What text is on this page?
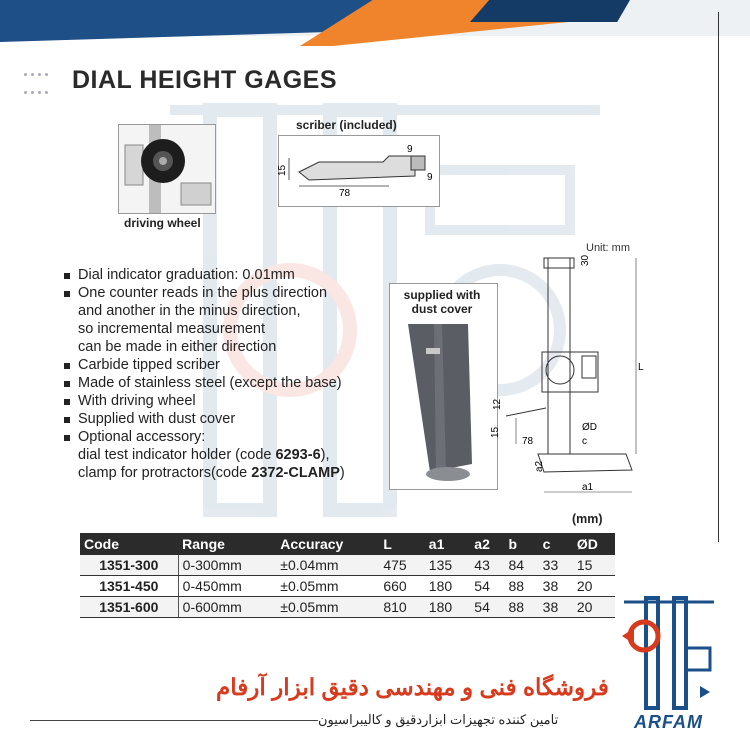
DIAL HEIGHT GAGES
driving wheel
scriber (included)
78
15
9
9
Dial indicator graduation: 0.01mm
One counter reads in the plus direction
and another in the minus direction,
so incremental measurement
can be made in either direction
Carbide tipped scriber
Made of stainless steel (except the base)
With driving wheel
Supplied with dust cover
Optional accessory:
dial test indicator holder (code 6293-6),
clamp for protractors(code 2372-CLAMP)
supplied with
dust cover
Unit: mm
30
L
12
15
78
ØD
c
a2
a1
(mm)
Code	Range	Accuracy	L	a1	a2	b	c	ØD
1351-300	0-300mm	±0.04mm	475	135	43	84	33	15
1351-450	0-450mm	±0.05mm	660	180	54	88	38	20
1351-600	0-600mm	±0.05mm	810	180	54	88	38	20
فروشگاه فنی و مهندسی دقیق ابزار آرفام
تامین کننده تجهیزات ابزاردقیق و کالیبراسیون	ARFAM
